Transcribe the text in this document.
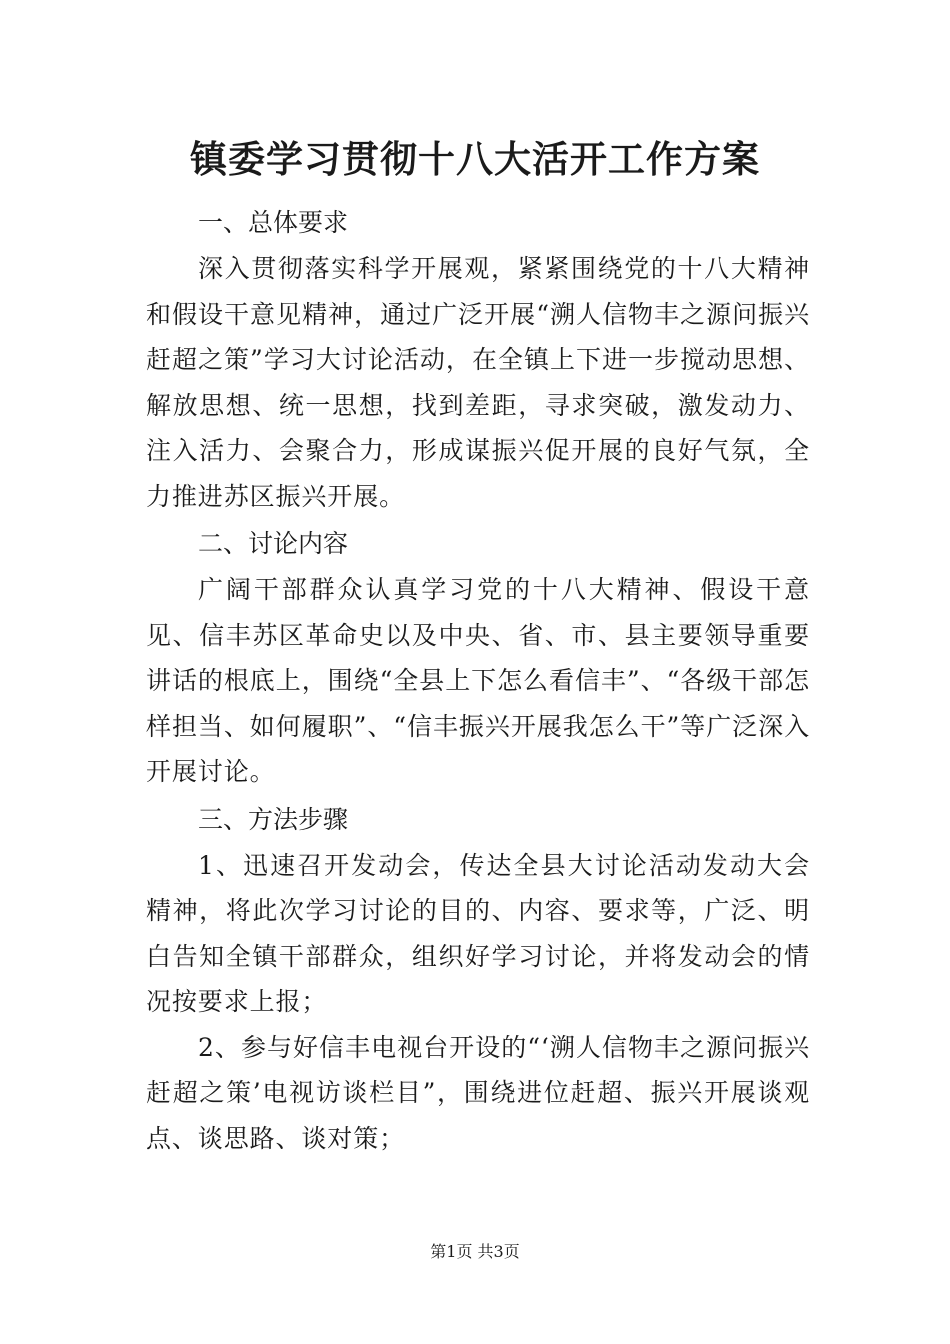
镇委学习贯彻十八大活开工作方案
一、总体要求

深入贯彻落实科学开展观，紧紧围绕党的十八大精神和假设干意见精神，通过广泛开展“溯人信物丰之源问振兴赶超之策”学习大讨论活动，在全镇上下进一步搅动思想、解放思想、统一思想，找到差距，寻求突破，激发动力、注入活力、会聚合力，形成谋振兴促开展的良好气氛，全力推进苏区振兴开展。

二、讨论内容

广阔干部群众认真学习党的十八大精神、假设干意见、信丰苏区革命史以及中央、省、市、县主要领导重要讲话的根底上，围绕“全县上下怎么看信丰”、“各级干部怎样担当、如何履职”、“信丰振兴开展我怎么干”等广泛深入开展讨论。

三、方法步骤

1、迅速召开发动会，传达全县大讨论活动发动大会精神，将此次学习讨论的目的、内容、要求等，广泛、明白告知全镇干部群众，组织好学习讨论，并将发动会的情况按要求上报；

2、参与好信丰电视台开设的“‘溯人信物丰之源问振兴赶超之策’电视访谈栏目”，围绕进位赶超、振兴开展谈观点、谈思路、谈对策；

第1页 共3页
